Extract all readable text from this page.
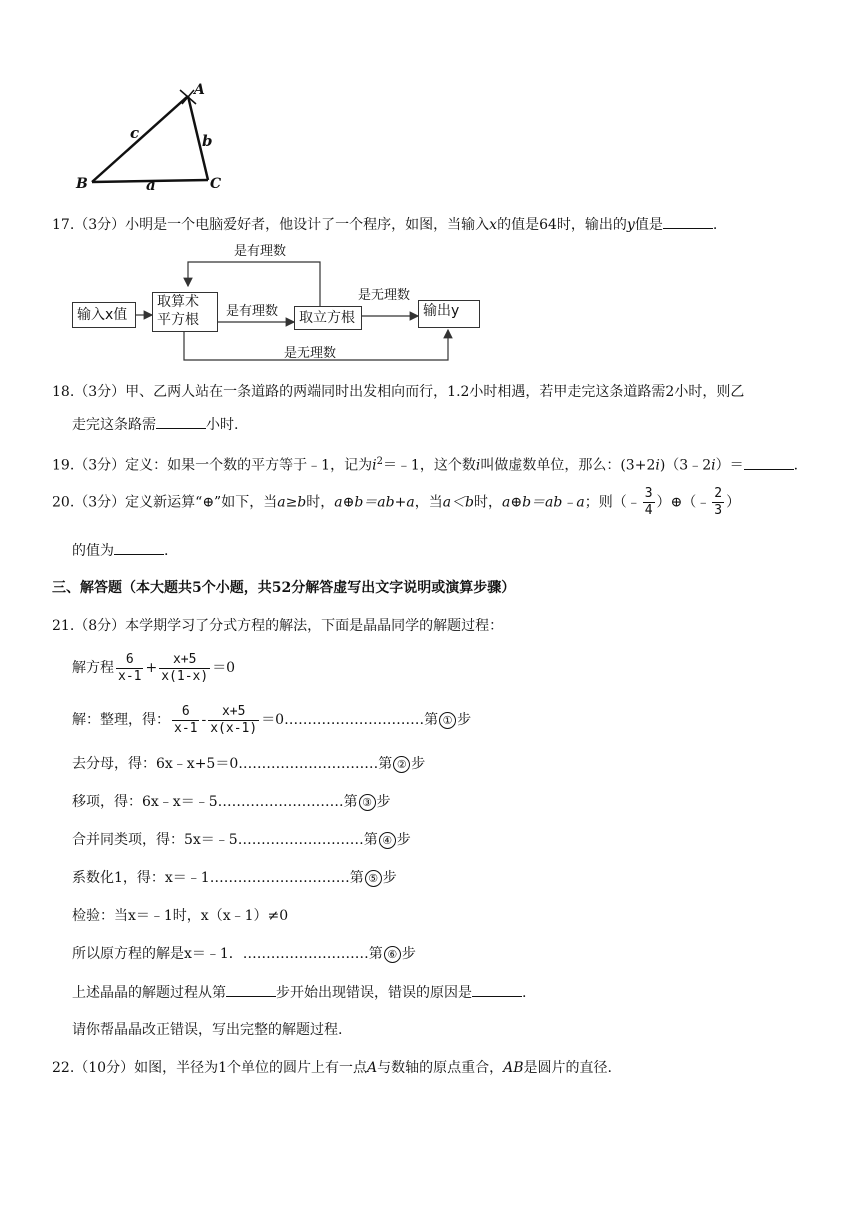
A
B	C
a
b
c
17.（3分）小明是一个电脑爱好者，他设计了一个程序，如图，当输入x的值是64时，输出的y值是	.
输入x值
取算术
平方根	取立方根	输出y
是有理数
是有理数
是无理数
是无理数
18.（3分）甲、乙两人站在一条道路的两端同时出发相向而行，1.2小时相遇，若甲走完这条道路需2小时，则乙
走完这条路需	小时.
19.（3分）定义：如果一个数的平方等于﹣1，记为$i^2=﹣1$，这个数i叫做虚数单位，那么：(3+2i)（3﹣2i）＝	.
20.（3分）定义新运算“⊕”如下，当a≥b时，a⊕b＝ab+a，当a＜b时，a⊕b＝ab﹣a；则（﹣ $\frac{3}{4}$ ）⊕（﹣ $\frac{2}{3}$ ）
的值为	.
三、解答题（本大题共5个小题，共52分解答虚写出文字说明或演算步骤）
21.（8分）本学期学习了分式方程的解法，下面是晶晶同学的解题过程：
解方程 $\frac{6}{x-1} + \frac{x+5}{x(1-x)} =0$
解：整理，得： $\frac{6}{x-1} - \frac{x+5}{x(x-1)}$ ＝0…………………………第 ① 步
去分母，得：6x﹣x+5＝0…………………………第 ② 步
移项，得：6x﹣x＝﹣5………………………第 ③ 步
合并同类项，得：5x＝﹣5………………………第 ④ 步
系数化1，得：x＝﹣1…………………………第 ⑤ 步
检验：当x＝﹣1时，x（x﹣1）≠0
所以原方程的解是x＝﹣1．………………………第 ⑥ 步
上述晶晶的解题过程从第	步开始出现错误，错误的原因是	.
请你帮晶晶改正错误，写出完整的解题过程.
22.（10分）如图，半径为1个单位的圆片上有一点A与数轴的原点重合，AB是圆片的直径.
